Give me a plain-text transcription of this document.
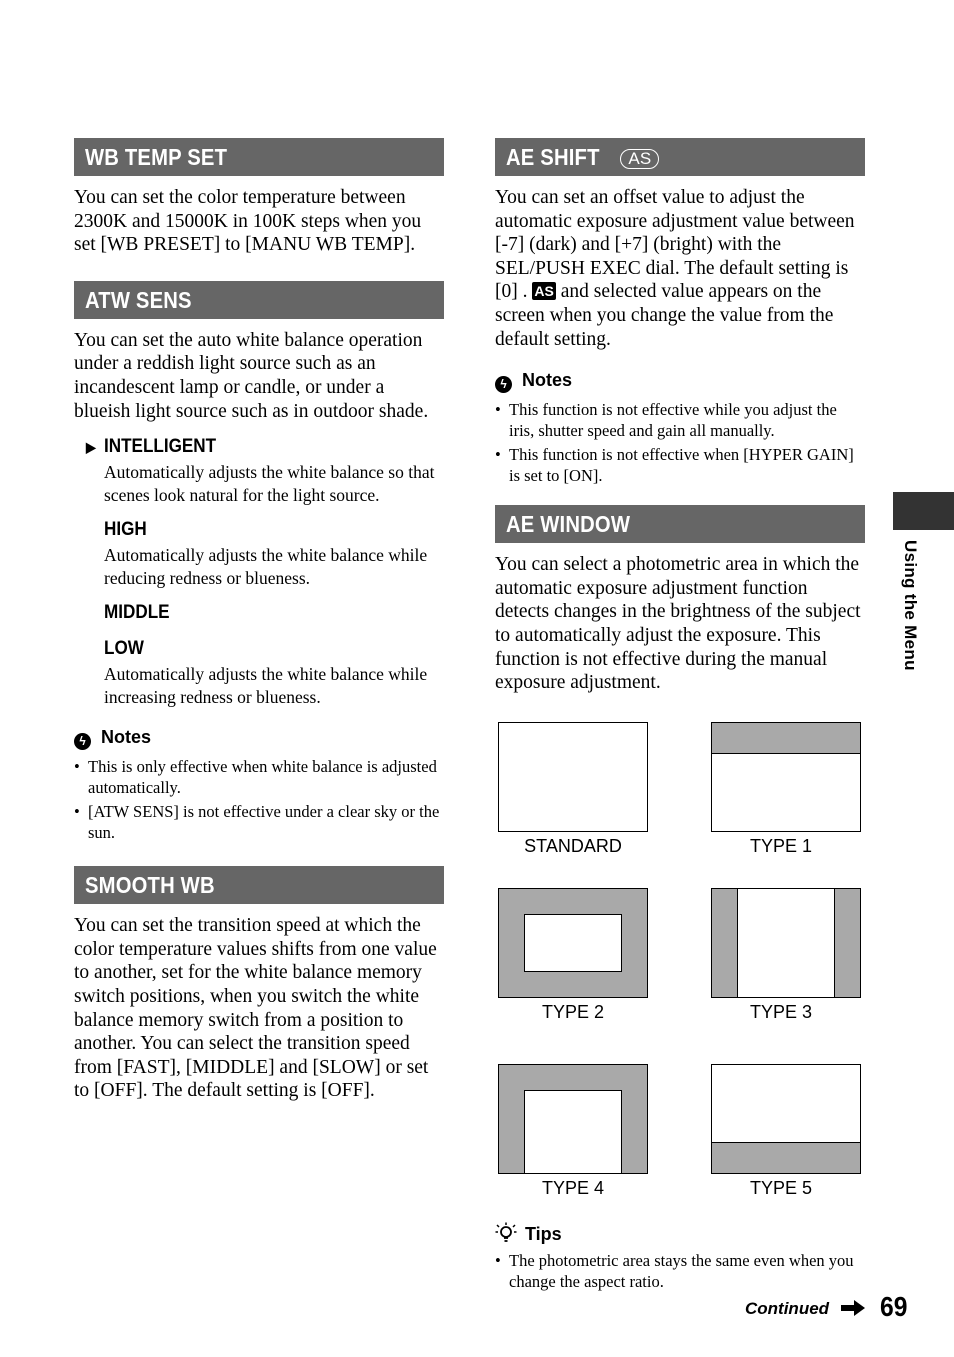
WB TEMP SET

You can set the color temperature between 2300K and 15000K in 100K steps when you set [WB PRESET] to [MANU WB TEMP].

ATW SENS

You can set the auto white balance operation under a reddish light source such as an incandescent lamp or candle, or under a blueish light source such as in outdoor shade.

▶ INTELLIGENT
Automatically adjusts the white balance so that scenes look natural for the light source.
HIGH
Automatically adjusts the white balance while reducing redness or blueness.
MIDDLE
LOW
Automatically adjusts the white balance while increasing redness or blueness.
ϟ Notes
• This is only effective when white balance is adjusted automatically.
• [ATW SENS] is not effective under a clear sky or the sun.
SMOOTH WB

You can set the transition speed at which the color temperature values shifts from one value to another, set for the white balance memory switch positions, when you switch the white balance memory switch from a position to another. You can select the transition speed from [FAST], [MIDDLE] and [SLOW] or set to [OFF]. The default setting is [OFF].

AE SHIFT AS

You can set an offset value to adjust the automatic exposure adjustment value between [-7] (dark) and [+7] (bright) with the SEL/PUSH EXEC dial. The default setting is [0] . AS and selected value appears on the screen when you change the value from the default setting.

ϟ Notes
• This function is not effective while you adjust the iris, shutter speed and gain all manually.
• This function is not effective when [HYPER GAIN] is set to [ON].
AE WINDOW

You can select a photometric area in which the automatic exposure adjustment function detects changes in the brightness of the subject to automatically adjust the exposure. This function is not effective during the manual exposure adjustment.

STANDARD	TYPE 1
TYPE 2	TYPE 3
TYPE 4	TYPE 5
Tips
• The photometric area stays the same even when you change the aspect ratio.
Using the Menu
Continued 69
